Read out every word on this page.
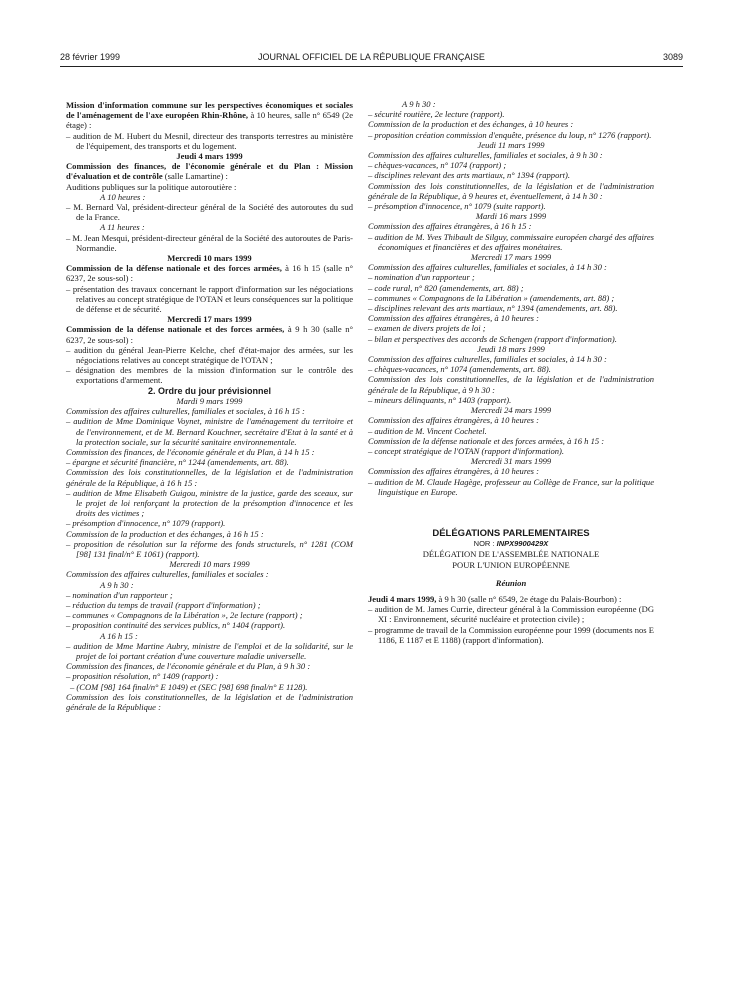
28 février 1999	JOURNAL OFFICIEL DE LA RÉPUBLIQUE FRANÇAISE	3089

Mission d'information commune sur les perspectives économiques et sociales de l'aménagement de l'axe européen Rhin-Rhône, à 10 heures, salle n° 6549 (2e étage) :

– audition de M. Hubert du Mesnil, directeur des transports terrestres au ministère de l'équipement, des transports et du logement.

Jeudi 4 mars 1999

Commission des finances, de l'économie générale et du Plan : Mission d'évaluation et de contrôle (salle Lamartine) :

Auditions publiques sur la politique autoroutière :

A 10 heures :

– M. Bernard Val, président-directeur général de la Société des autoroutes du sud de la France.

A 11 heures :

– M. Jean Mesqui, président-directeur général de la Société des autoroutes de Paris-Normandie.

Mercredi 10 mars 1999

Commission de la défense nationale et des forces armées, à 16 h 15 (salle n° 6237, 2e sous-sol) :

– présentation des travaux concernant le rapport d'information sur les négociations relatives au concept stratégique de l'OTAN et leurs conséquences sur la politique de défense et de sécurité.

Mercredi 17 mars 1999

Commission de la défense nationale et des forces armées, à 9 h 30 (salle n° 6237, 2e sous-sol) :

– audition du général Jean-Pierre Kelche, chef d'état-major des armées, sur les négociations relatives au concept stratégique de l'OTAN ;

– désignation des membres de la mission d'information sur le contrôle des exportations d'armement.

2. Ordre du jour prévisionnel

Mardi 9 mars 1999

Commission des affaires culturelles, familiales et sociales, à 16 h 15 :

– audition de Mme Dominique Voynet, ministre de l'aménagement du territoire et de l'environnement, et de M. Bernard Kouchner, secrétaire d'Etat à la santé et à la protection sociale, sur la sécurité sanitaire environnementale.

Commission des finances, de l'économie générale et du Plan, à 14 h 15 :

– épargne et sécurité financière, n° 1244 (amendements, art. 88).

Commission des lois constitutionnelles, de la législation et de l'administration générale de la République, à 16 h 15 :

– audition de Mme Elisabeth Guigou, ministre de la justice, garde des sceaux, sur le projet de loi renforçant la protection de la présomption d'innocence et les droits des victimes ;

– présomption d'innocence, n° 1079 (rapport).

Commission de la production et des échanges, à 16 h 15 :

– proposition de résolution sur la réforme des fonds structurels, n° 1281 (COM [98] 131 final/n° E 1061) (rapport).

Mercredi 10 mars 1999

Commission des affaires culturelles, familiales et sociales :

A 9 h 30 :

– nomination d'un rapporteur ;

– réduction du temps de travail (rapport d'information) ;

– communes « Compagnons de la Libération », 2e lecture (rapport) ;

– proposition continuité des services publics, n° 1404 (rapport).

A 16 h 15 :

– audition de Mme Martine Aubry, ministre de l'emploi et de la solidarité, sur le projet de loi portant création d'une couverture maladie universelle.

Commission des finances, de l'économie générale et du Plan, à 9 h 30 :

– proposition résolution, n° 1409 (rapport) :

– (COM [98] 164 final/n° E 1049) et (SEC [98] 698 final/n° E 1128).

Commission des lois constitutionnelles, de la législation et de l'administration générale de la République :

A 9 h 30 :

– sécurité routière, 2e lecture (rapport).

Commission de la production et des échanges, à 10 heures :

– proposition création commission d'enquête, présence du loup, n° 1276 (rapport).

Jeudi 11 mars 1999

Commission des affaires culturelles, familiales et sociales, à 9 h 30 :

– chèques-vacances, n° 1074 (rapport) ;

– disciplines relevant des arts martiaux, n° 1394 (rapport).

Commission des lois constitutionnelles, de la législation et de l'administration générale de la République, à 9 heures et, éventuellement, à 14 h 30 :

– présomption d'innocence, n° 1079 (suite rapport).

Mardi 16 mars 1999

Commission des affaires étrangères, à 16 h 15 :

– audition de M. Yves Thibault de Silguy, commissaire européen chargé des affaires économiques et financières et des affaires monétaires.

Mercredi 17 mars 1999

Commission des affaires culturelles, familiales et sociales, à 14 h 30 :

– nomination d'un rapporteur ;

– code rural, n° 820 (amendements, art. 88) ;

– communes « Compagnons de la Libération » (amendements, art. 88) ;

– disciplines relevant des arts martiaux, n° 1394 (amendements, art. 88).

Commission des affaires étrangères, à 10 heures :

– examen de divers projets de loi ;

– bilan et perspectives des accords de Schengen (rapport d'information).

Jeudi 18 mars 1999

Commission des affaires culturelles, familiales et sociales, à 14 h 30 :

– chèques-vacances, n° 1074 (amendements, art. 88).

Commission des lois constitutionnelles, de la législation et de l'administration générale de la République, à 9 h 30 :

– mineurs délinquants, n° 1403 (rapport).

Mercredi 24 mars 1999

Commission des affaires étrangères, à 10 heures :

– audition de M. Vincent Cochetel.

Commission de la défense nationale et des forces armées, à 16 h 15 :

– concept stratégique de l'OTAN (rapport d'information).

Mercredi 31 mars 1999

Commission des affaires étrangères, à 10 heures :

– audition de M. Claude Hagège, professeur au Collège de France, sur la politique linguistique en Europe.

DÉLÉGATIONS PARLEMENTAIRES

NOR : INPX9900429X

DÉLÉGATION DE L'ASSEMBLÉE NATIONALE

POUR L'UNION EUROPÉENNE

Réunion

Jeudi 4 mars 1999, à 9 h 30 (salle n° 6549, 2e étage du Palais-Bourbon) :

– audition de M. James Currie, directeur général à la Commission européenne (DG XI : Environnement, sécurité nucléaire et protection civile) ;

– programme de travail de la Commission européenne pour 1999 (documents nos E 1186, E 1187 et E 1188) (rapport d'information).
